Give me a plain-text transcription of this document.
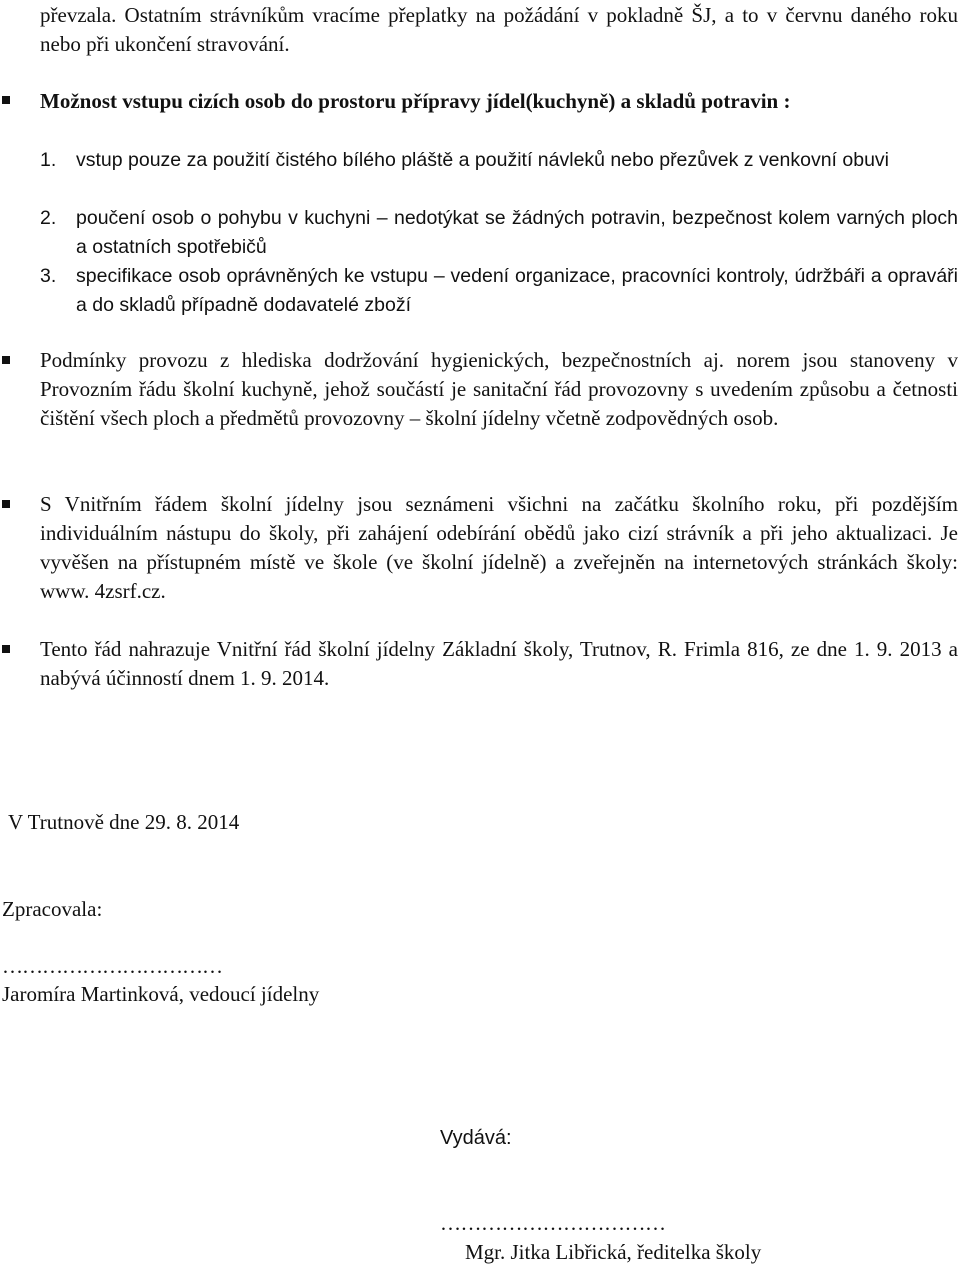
převzala. Ostatním strávníkům vracíme přeplatky na požádání v pokladně ŠJ, a to v červnu daného roku nebo při ukončení stravování.
Možnost vstupu cizích osob do prostoru přípravy jídel(kuchyně) a skladů potravin :
1. vstup pouze za použití čistého bílého pláště a použití návleků nebo přezůvek z venkovní obuvi
2. poučení osob o pohybu v kuchyni – nedotýkat se žádných potravin, bezpečnost kolem varných ploch a ostatních spotřebičů
3. specifikace osob oprávněných ke vstupu – vedení organizace, pracovníci kontroly, údržbáři a opraváři a do skladů případně dodavatelé zboží
Podmínky provozu z hlediska dodržování hygienických, bezpečnostních aj. norem jsou stanoveny v Provozním řádu školní kuchyně, jehož součástí je sanitační řád provozovny s uvedením způsobu a četnosti čištění všech ploch a předmětů provozovny – školní jídelny včetně zodpovědných osob.
S Vnitřním řádem školní jídelny jsou seznámeni všichni na začátku školního roku, při pozdějším individuálním nástupu do školy, při zahájení odebírání obědů jako cizí strávník a při jeho aktualizaci. Je vyvěšen na přístupném místě ve škole (ve školní jídelně) a zveřejněn na internetových stránkách školy: www. 4zsrf.cz.
Tento řád nahrazuje Vnitřní řád školní jídelny Základní školy, Trutnov, R. Frimla 816, ze dne 1. 9. 2013 a nabývá účinností dnem 1. 9. 2014.
V Trutnově dne 29. 8. 2014
Zpracovala:
……………………………
Jaromíra Martinková, vedoucí jídelny
Vydává:
……………………………
Mgr. Jitka Libřická, ředitelka školy
